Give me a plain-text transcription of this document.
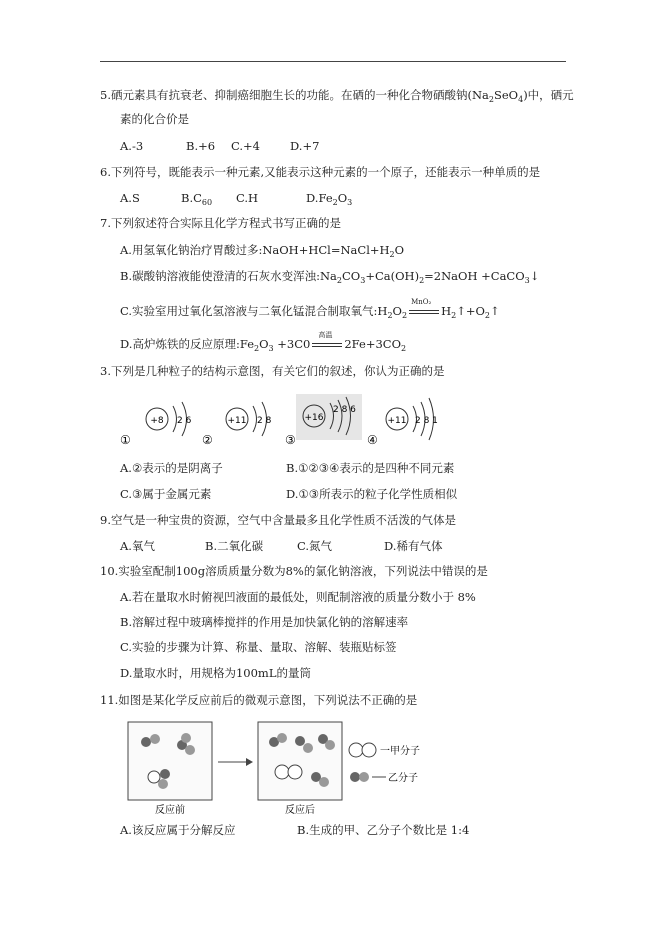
5.硒元素具有抗衰老、抑制癌细胞生长的功能。在硒的一种化合物硒酸钠$(Na_2SeO_4)$中，硒元
素的化合价是
A.-3	B.+6 C.+4	D.+7
6.下列符号，既能表示一种元素,又能表示这种元素的一个原子，还能表示一种单质的是
A.S	$B.C_{60}$ C.H	$D.Fe_2O_3$
7.下列叙述符合实际且化学方程式书写正确的是
A.用氢氧化钠治疗胃酸过多$:NaOH+HCl=NaCl+H_2O$
B.碳酸钠溶液能使澄清的石灰水变浑浊$:Na_2CO_3+Ca(OH)_2=2NaOH$ +CaCO$_3$↓
C.实验室用过氧化氢溶液与二氧化锰混合制取氧气$:H_2O_2$
MnO₂
$H_2↑+O_2↑$
D.高炉炼铁的反应原理$:Fe_2O_3 +3C0$
高温
$2Fe+3CO_2$
3.下列是几种粒子的结构示意图，有关它们的叙述，你认为正确的是
+8 2 6
①
+11 2 8
②
+16
2 8 6
③
+11 2 8 1
④
A.②表示的是阴离子	B.①②③④表示的是四种不同元素
C.③属于金属元素	D.①③所表示的粒子化学性质相似
9.空气是一种宝贵的资源，空气中含量最多且化学性质不活泼的气体是
A.氧气	B.二氧化碳	C.氮气	D.稀有气体
10.实验室配制100g溶质质量分数为8%的氯化钠溶液，下列说法中错误的是
A.若在量取水时俯视凹液面的最低处，则配制溶液的质量分数小于 8%
B.溶解过程中玻璃棒搅拌的作用是加快氯化钠的溶解速率
C.实验的步骤为计算、称量、量取、溶解、装瓶贴标签
D.量取水时，用规格为100mL的量筒
11.如图是某化学反应前后的微观示意图，下列说法不正确的是
反应前	反应后
一甲分子
乙分子
A.该反应属于分解反应	B.生成的甲、乙分子个数比是 1:4
